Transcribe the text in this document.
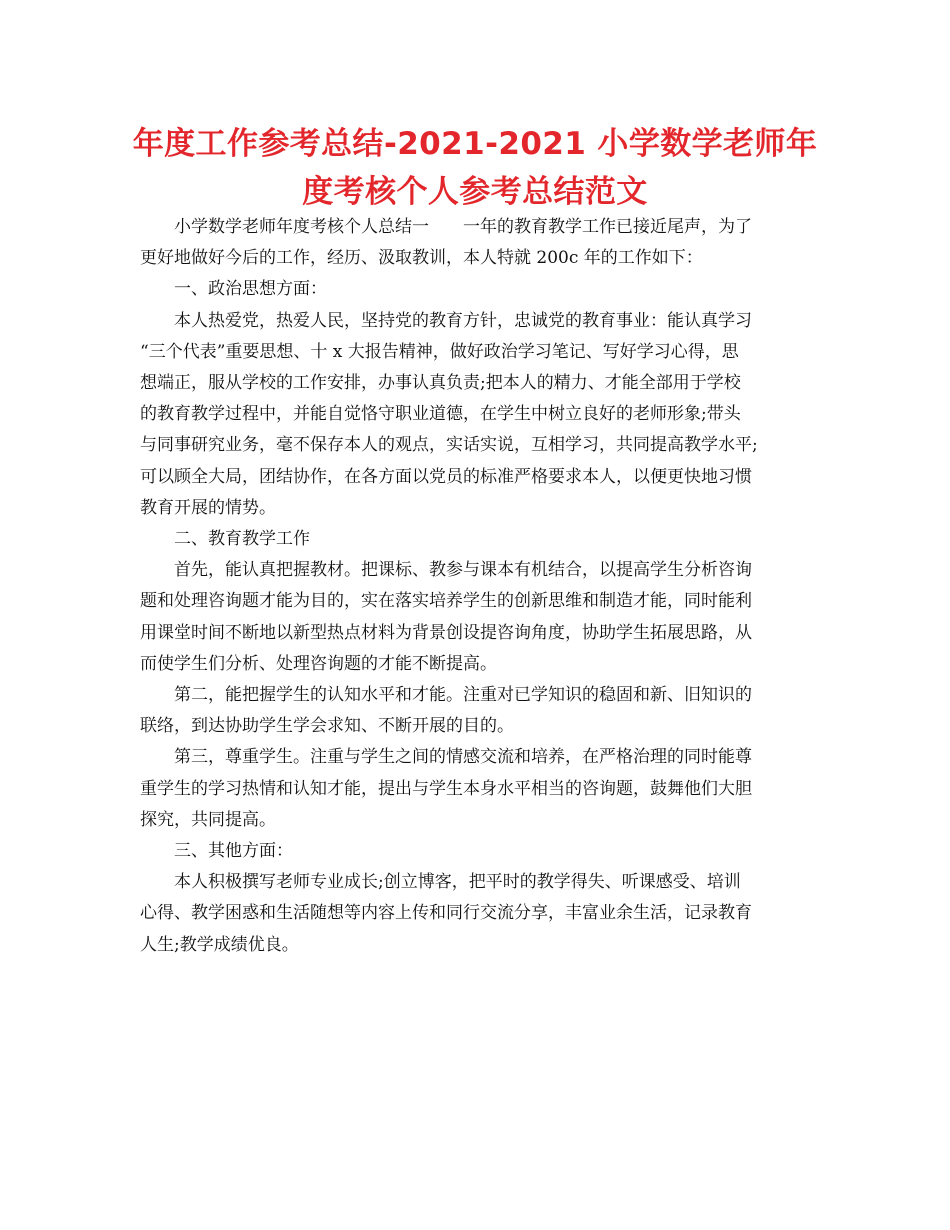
年度工作参考总结-2021-2021 小学数学老师年
度考核个人参考总结范文

小学数学老师年度考核个人总结一　　一年的教育教学工作已接近尾声，为了

更好地做好今后的工作，经历、汲取教训，本人特就 200c 年的工作如下：

一、政治思想方面：

本人热爱党，热爱人民，坚持党的教育方针，忠诚党的教育事业：能认真学习

“三个代表”重要思想、十 x 大报告精神，做好政治学习笔记、写好学习心得，思
想端正，服从学校的工作安排，办事认真负责;把本人的精力、才能全部用于学校
的教育教学过程中，并能自觉恪守职业道德，在学生中树立良好的老师形象;带头
与同事研究业务，毫不保存本人的观点，实话实说，互相学习，共同提高教学水平;
可以顾全大局，团结协作，在各方面以党员的标准严格要求本人，以便更快地习惯
教育开展的情势。

二、教育教学工作

首先，能认真把握教材。把课标、教参与课本有机结合，以提高学生分析咨询

题和处理咨询题才能为目的，实在落实培养学生的创新思维和制造才能，同时能利
用课堂时间不断地以新型热点材料为背景创设提咨询角度，协助学生拓展思路，从
而使学生们分析、处理咨询题的才能不断提高。

第二，能把握学生的认知水平和才能。注重对已学知识的稳固和新、旧知识的

联络，到达协助学生学会求知、不断开展的目的。

第三，尊重学生。注重与学生之间的情感交流和培养，在严格治理的同时能尊

重学生的学习热情和认知才能，提出与学生本身水平相当的咨询题，鼓舞他们大胆
探究，共同提高。

三、其他方面：

本人积极撰写老师专业成长;创立博客，把平时的教学得失、听课感受、培训

心得、教学困惑和生活随想等内容上传和同行交流分享，丰富业余生活，记录教育
人生;教学成绩优良。
